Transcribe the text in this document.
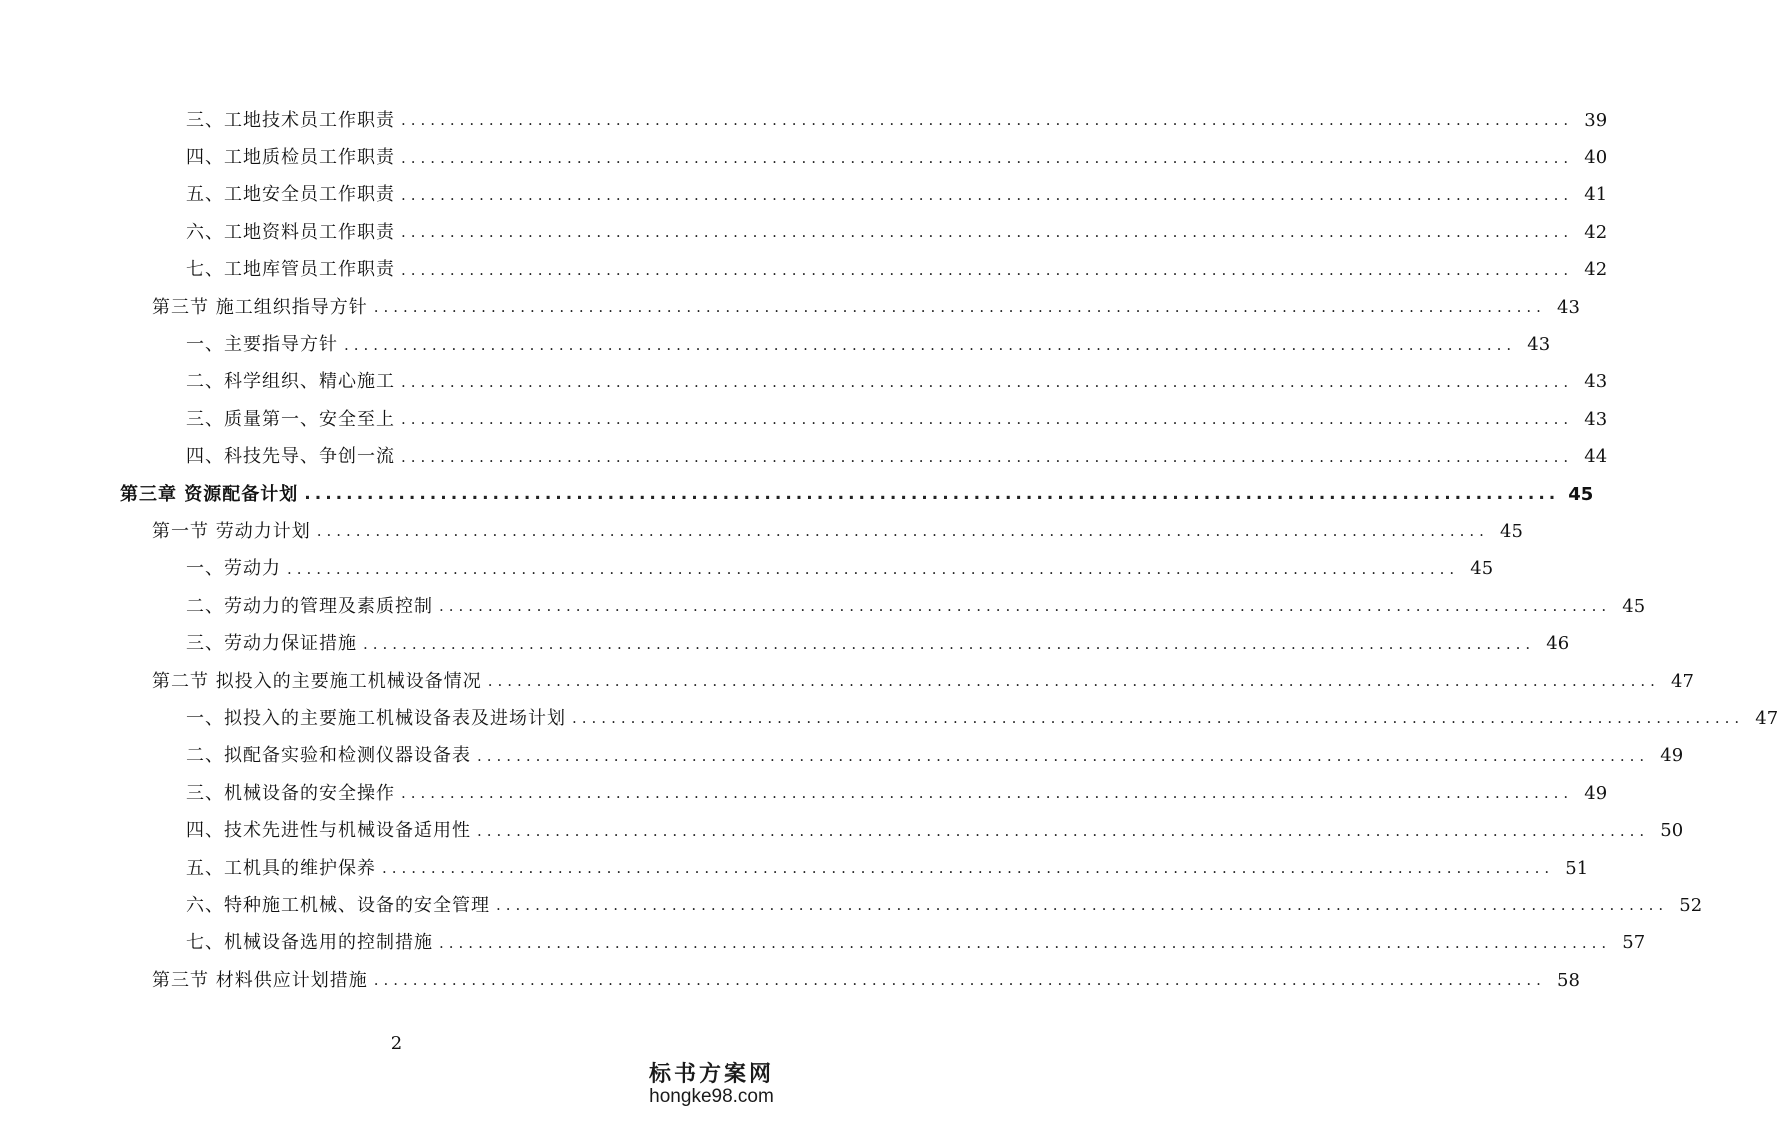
三、工地技术员工作职责 ........................................................................................................................ 39
四、工地质检员工作职责 ........................................................................................................................ 40
五、工地安全员工作职责 ........................................................................................................................ 41
六、工地资料员工作职责 ........................................................................................................................ 42
七、工地库管员工作职责 ........................................................................................................................ 42
第三节 施工组织指导方针 ........................................................................................................................ 43
一、主要指导方针 ........................................................................................................................ 43
二、科学组织、精心施工 ........................................................................................................................ 43
三、质量第一、安全至上 ........................................................................................................................ 43
四、科技先导、争创一流 ........................................................................................................................ 44
第三章 资源配备计划 ........................................................................................................................ 45
第一节 劳动力计划 ........................................................................................................................ 45
一、劳动力 ........................................................................................................................ 45
二、劳动力的管理及素质控制 ........................................................................................................................ 45
三、劳动力保证措施 ........................................................................................................................ 46
第二节 拟投入的主要施工机械设备情况 ........................................................................................................................ 47
一、拟投入的主要施工机械设备表及进场计划 ........................................................................................................................ 47
二、拟配备实验和检测仪器设备表 ........................................................................................................................ 49
三、机械设备的安全操作 ........................................................................................................................ 49
四、技术先进性与机械设备适用性 ........................................................................................................................ 50
五、工机具的维护保养 ........................................................................................................................ 51
六、特种施工机械、设备的安全管理 ........................................................................................................................ 52
七、机械设备选用的控制措施 ........................................................................................................................ 57
第三节 材料供应计划措施 ........................................................................................................................ 58
2
标书方案网
hongke98.com
